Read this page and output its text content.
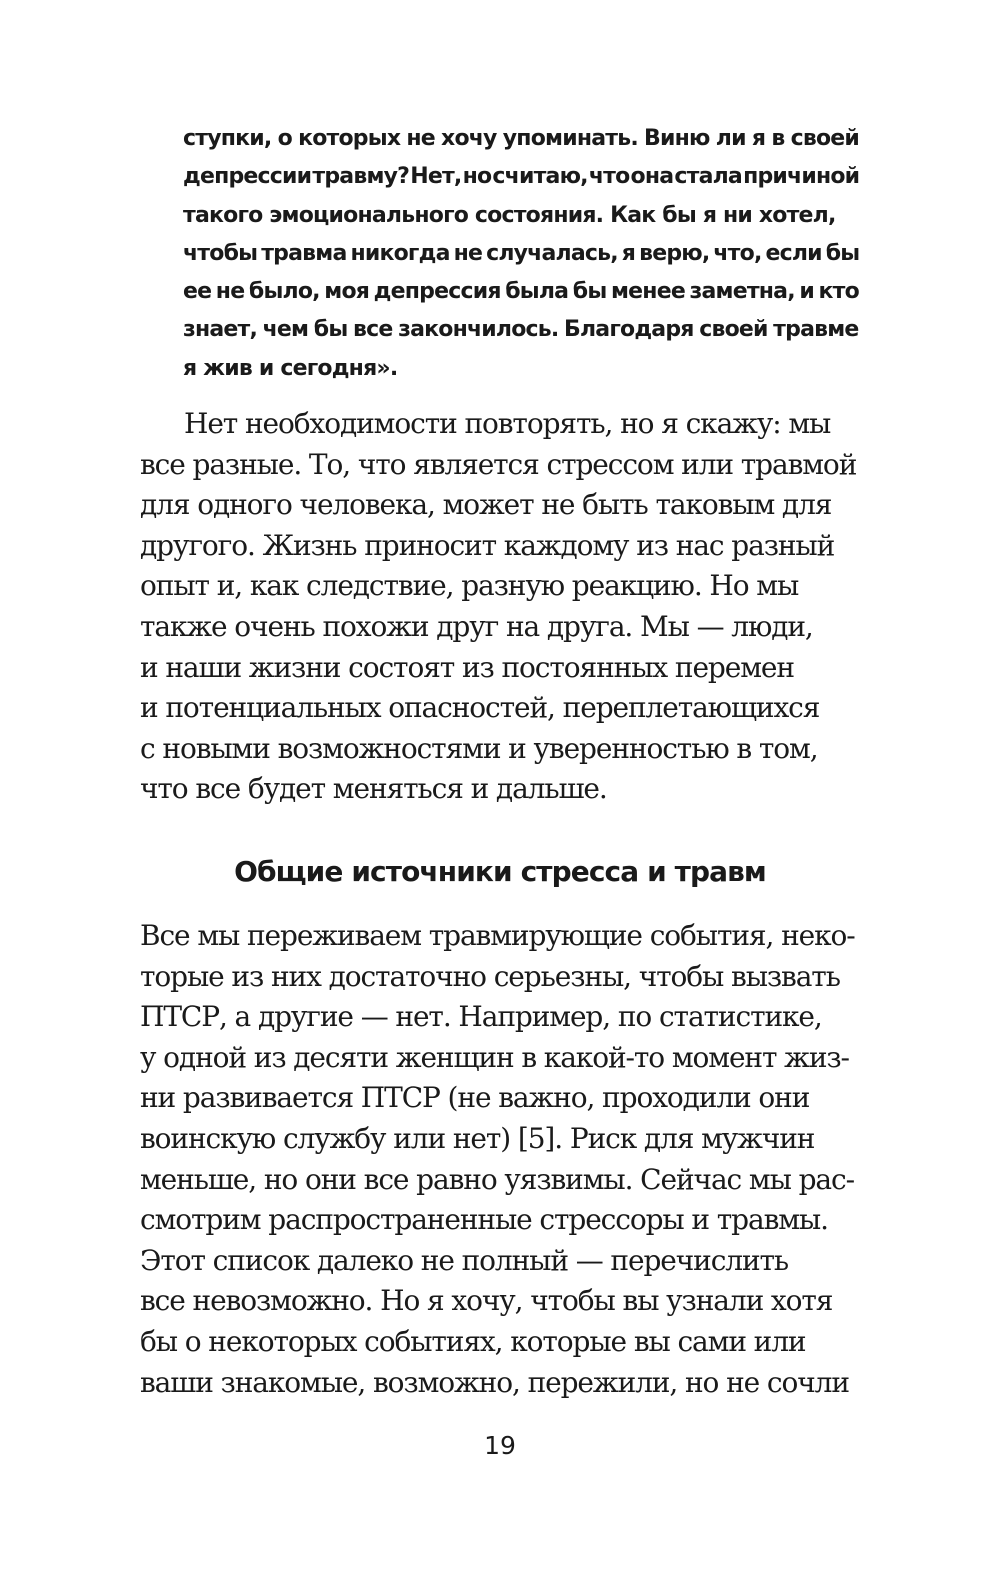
ступки, о которых не хочу упоминать. Виню ли я в своей
депрессии травму? Нет, но считаю, что она стала причиной
такого эмоционального состояния. Как бы я ни хотел,
чтобы травма никогда не случалась, я верю, что, если бы
ее не было, моя депрессия была бы менее заметна, и кто
знает, чем бы все закончилось. Благодаря своей травме
я жив и сегодня».
Нет необходимости повторять, но я скажу: мы
все разные. То, что является стрессом или травмой
для одного человека, может не быть таковым для
другого. Жизнь приносит каждому из нас разный
опыт и, как следствие, разную реакцию. Но мы
также очень похожи друг на друга. Мы — люди,
и наши жизни состоят из постоянных перемен
и потенциальных опасностей, переплетающихся
с новыми возможностями и уверенностью в том,
что все будет меняться и дальше.
Общие источники стресса и травм
Все мы переживаем травмирующие события, неко-
торые из них достаточно серьезны, чтобы вызвать
ПТСР, а другие — нет. Например, по статистике,
у одной из десяти женщин в какой-то момент жиз-
ни развивается ПТСР (не важно, проходили они
воинскую службу или нет) [5]. Риск для мужчин
меньше, но они все равно уязвимы. Сейчас мы рас-
смотрим распространенные стрессоры и травмы.
Этот список далеко не полный — перечислить
все невозможно. Но я хочу, чтобы вы узнали хотя
бы о некоторых событиях, которые вы сами или
ваши знакомые, возможно, пережили, но не сочли
19
